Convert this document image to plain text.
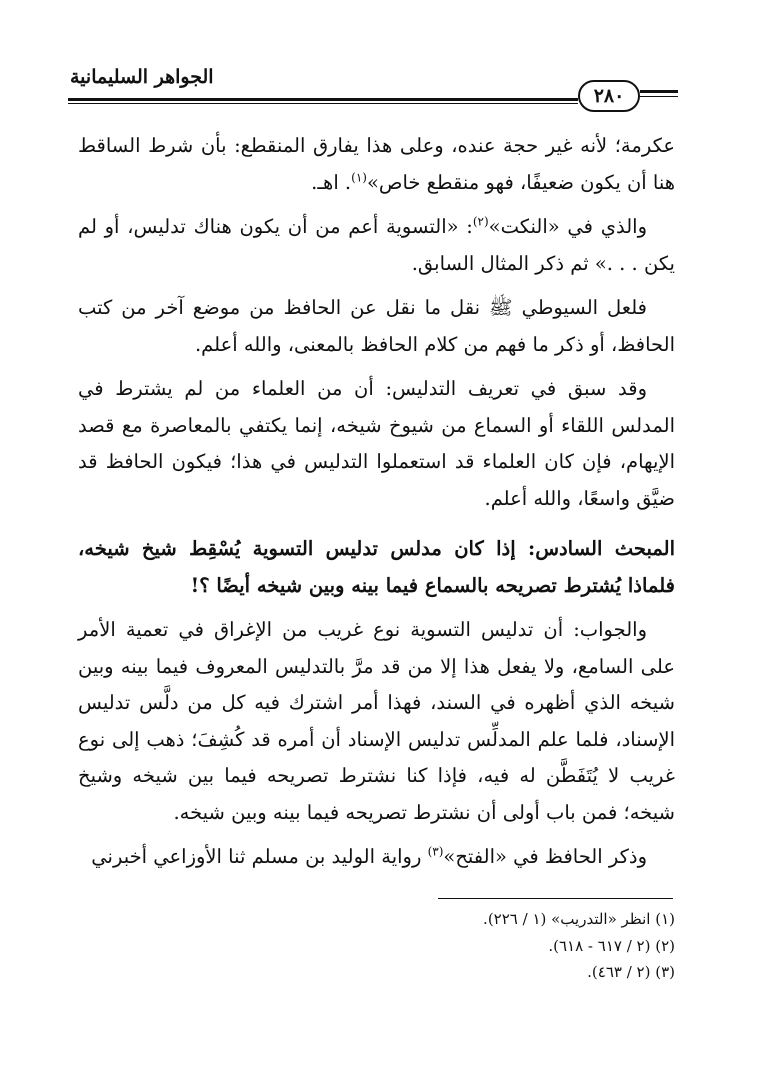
الجواهر السليمانية
٢٨٠

عكرمة؛ لأنه غير حجة عنده، وعلى هذا يفارق المنقطع: بأن شرط الساقط هنا أن يكون ضعيفًا، فهو منقطع خاص»$^{(١)}$. اهـ.

والذي في «النكت»$^{(٢)}$: «التسوية أعم من أن يكون هناك تدليس، أو لم يكن . . .» ثم ذكر المثال السابق.

فلعل السيوطي ﷺ نقل ما نقل عن الحافظ من موضع آخر من كتب الحافظ، أو ذكر ما فهم من كلام الحافظ بالمعنى، والله أعلم.

وقد سبق في تعريف التدليس: أن من العلماء من لم يشترط في المدلس اللقاء أو السماع من شيوخ شيخه، إنما يكتفي بالمعاصرة مع قصد الإيهام، فإن كان العلماء قد استعملوا التدليس في هذا؛ فيكون الحافظ قد ضيَّق واسعًا، والله أعلم.

المبحث السادس: إذا كان مدلس تدليس التسوية يُسْقِط شيخ شيخه، فلماذا يُشترط تصريحه بالسماع فيما بينه وبين شيخه أيضًا ؟!

والجواب: أن تدليس التسوية نوع غريب من الإغراق في تعمية الأمر على السامع، ولا يفعل هذا إلا من قد مرَّ بالتدليس المعروف فيما بينه وبين شيخه الذي أظهره في السند، فهذا أمر اشترك فيه كل من دلَّس تدليس الإسناد، فلما علم المدلِّس تدليس الإسناد أن أمره قد كُشِفَ؛ ذهب إلى نوع غريب لا يُتَفَطَّن له فيه، فإذا كنا نشترط تصريحه فيما بين شيخه وشيخ شيخه؛ فمن باب أولى أن نشترط تصريحه فيما بينه وبين شيخه.

وذكر الحافظ في «الفتح»$^{(٣)}$ رواية الوليد بن مسلم ثنا الأوزاعي أخبرني

(١) انظر «التدريب» (١ / ٢٢٦).

(٢) (٢ / ٦١٧ - ٦١٨).

(٣) (٢ / ٤٦٣).
